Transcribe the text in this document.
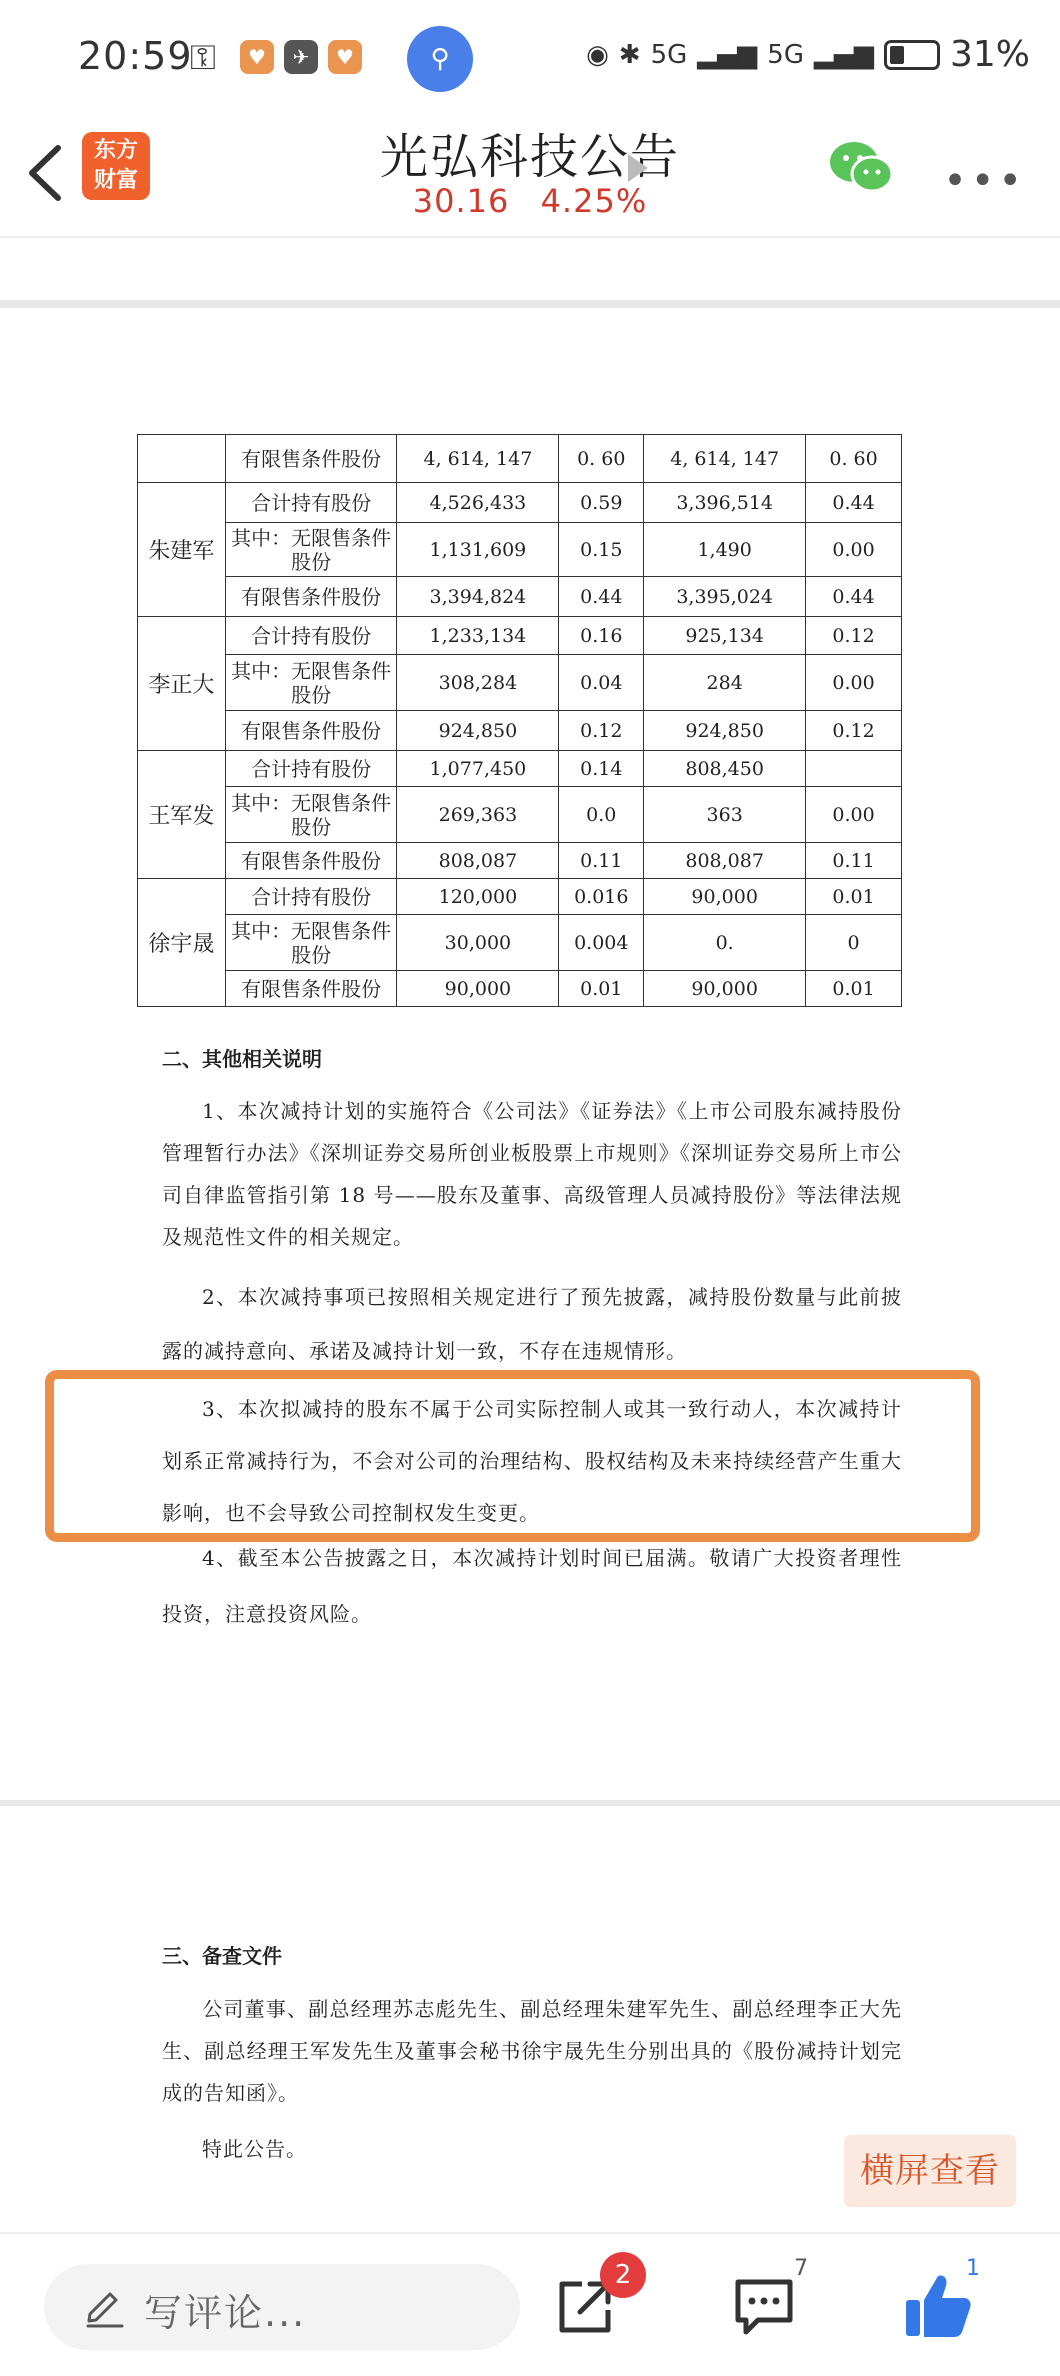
20:59
⚿	♥	✈	♥	⚲	◉ ✱ 5G ▂▄▆ 5G ▂▄▆ 31%
东方
财富	光弘科技公告
30.16 4.25%	•••
	有限售条件股份	4, 614, 147	0. 60	4, 614, 147	0. 60
朱建军	合计持有股份	4,526,433	0.59	3,396,514	0.44
	其中：无限售条件股份	1,131,609	0.15	1,490	0.00
	有限售条件股份	3,394,824	0.44	3,395,024	0.44
李正大	合计持有股份	1,233,134	0.16	925,134	0.12
	其中：无限售条件股份	308,284	0.04	284	0.00
	有限售条件股份	924,850	0.12	924,850	0.12
王军发	合计持有股份	1,077,450	0.14	808,450	
	其中：无限售条件股份	269,363	0.0	363	0.00
	有限售条件股份	808,087	0.11	808,087	0.11
徐宇晟	合计持有股份	120,000	0.016	90,000	0.01
	其中：无限售条件股份	30,000	0.004	0.	0
	有限售条件股份	90,000	0.01	90,000	0.01
二、其他相关说明
1、本次减持计划的实施符合《公司法》《证券法》《上市公司股东减持股份管理暂行办法》《深圳证券交易所创业板股票上市规则》《深圳证券交易所上市公司自律监管指引第 18 号——股东及董事、高级管理人员减持股份》等法律法规及规范性文件的相关规定。
2、本次减持事项已按照相关规定进行了预先披露，减持股份数量与此前披露的减持意向、承诺及减持计划一致，不存在违规情形。
3、本次拟减持的股东不属于公司实际控制人或其一致行动人，本次减持计划系正常减持行为，不会对公司的治理结构、股权结构及未来持续经营产生重大影响，也不会导致公司控制权发生变更。
4、截至本公告披露之日，本次减持计划时间已届满。敬请广大投资者理性投资，注意投资风险。
三、备查文件
公司董事、副总经理苏志彪先生、副总经理朱建军先生、副总经理李正大先生、副总经理王军发先生及董事会秘书徐宇晟先生分别出具的《股份减持计划完成的告知函》。
特此公告。
横屏查看
写评论...
2	7	1
